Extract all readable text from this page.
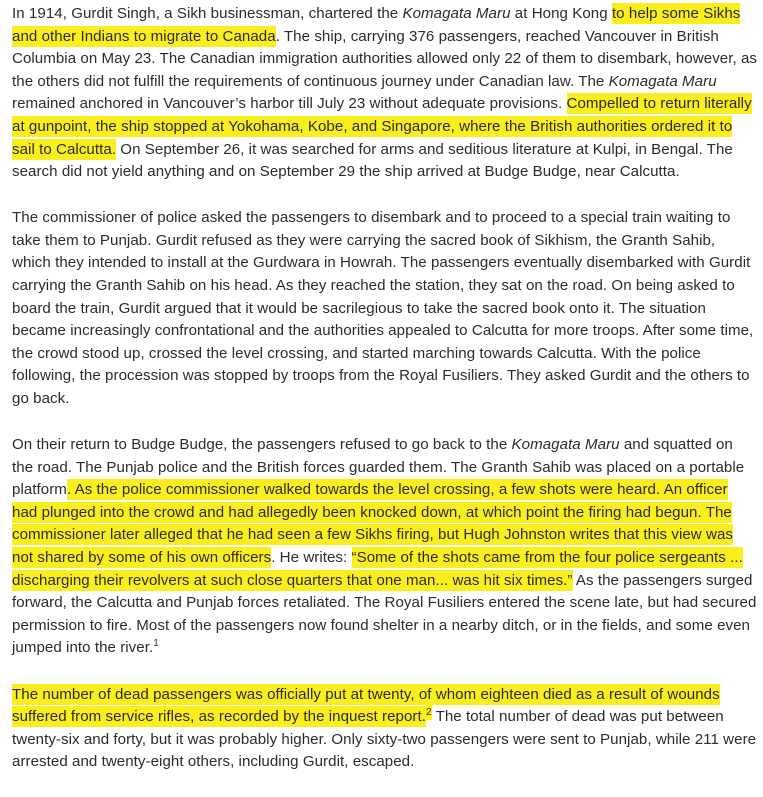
In 1914, Gurdit Singh, a Sikh businessman, chartered the Komagata Maru at Hong Kong to help some Sikhs and other Indians to migrate to Canada. The ship, carrying 376 passengers, reached Vancouver in British Columbia on May 23. The Canadian immigration authorities allowed only 22 of them to disembark, however, as the others did not fulfill the requirements of continuous journey under Canadian law. The Komagata Maru remained anchored in Vancouver’s harbor till July 23 without adequate provisions. Compelled to return literally at gunpoint, the ship stopped at Yokohama, Kobe, and Singapore, where the British authorities ordered it to sail to Calcutta. On September 26, it was searched for arms and seditious literature at Kulpi, in Bengal. The search did not yield anything and on September 29 the ship arrived at Budge Budge, near Calcutta.

The commissioner of police asked the passengers to disembark and to proceed to a special train waiting to take them to Punjab. Gurdit refused as they were carrying the sacred book of Sikhism, the Granth Sahib, which they intended to install at the Gurdwara in Howrah. The passengers eventually disembarked with Gurdit carrying the Granth Sahib on his head. As they reached the station, they sat on the road. On being asked to board the train, Gurdit argued that it would be sacrilegious to take the sacred book onto it. The situation became increasingly confrontational and the authorities appealed to Calcutta for more troops. After some time, the crowd stood up, crossed the level crossing, and started marching towards Calcutta. With the police following, the procession was stopped by troops from the Royal Fusiliers. They asked Gurdit and the others to go back.

On their return to Budge Budge, the passengers refused to go back to the Komagata Maru and squatted on the road. The Punjab police and the British forces guarded them. The Granth Sahib was placed on a portable platform. As the police commissioner walked towards the level crossing, a few shots were heard. An officer had plunged into the crowd and had allegedly been knocked down, at which point the firing had begun. The commissioner later alleged that he had seen a few Sikhs firing, but Hugh Johnston writes that this view was not shared by some of his own officers. He writes: “Some of the shots came from the four police sergeants ... discharging their revolvers at such close quarters that one man... was hit six times.” As the passengers surged forward, the Calcutta and Punjab forces retaliated. The Royal Fusiliers entered the scene late, but had secured permission to fire. Most of the passengers now found shelter in a nearby ditch, or in the fields, and some even jumped into the river.$^1$

The number of dead passengers was officially put at twenty, of whom eighteen died as a result of wounds suffered from service rifles, as recorded by the inquest report.$^2$ The total number of dead was put between twenty-six and forty, but it was probably higher. Only sixty-two passengers were sent to Punjab, while 211 were arrested and twenty-eight others, including Gurdit, escaped.
